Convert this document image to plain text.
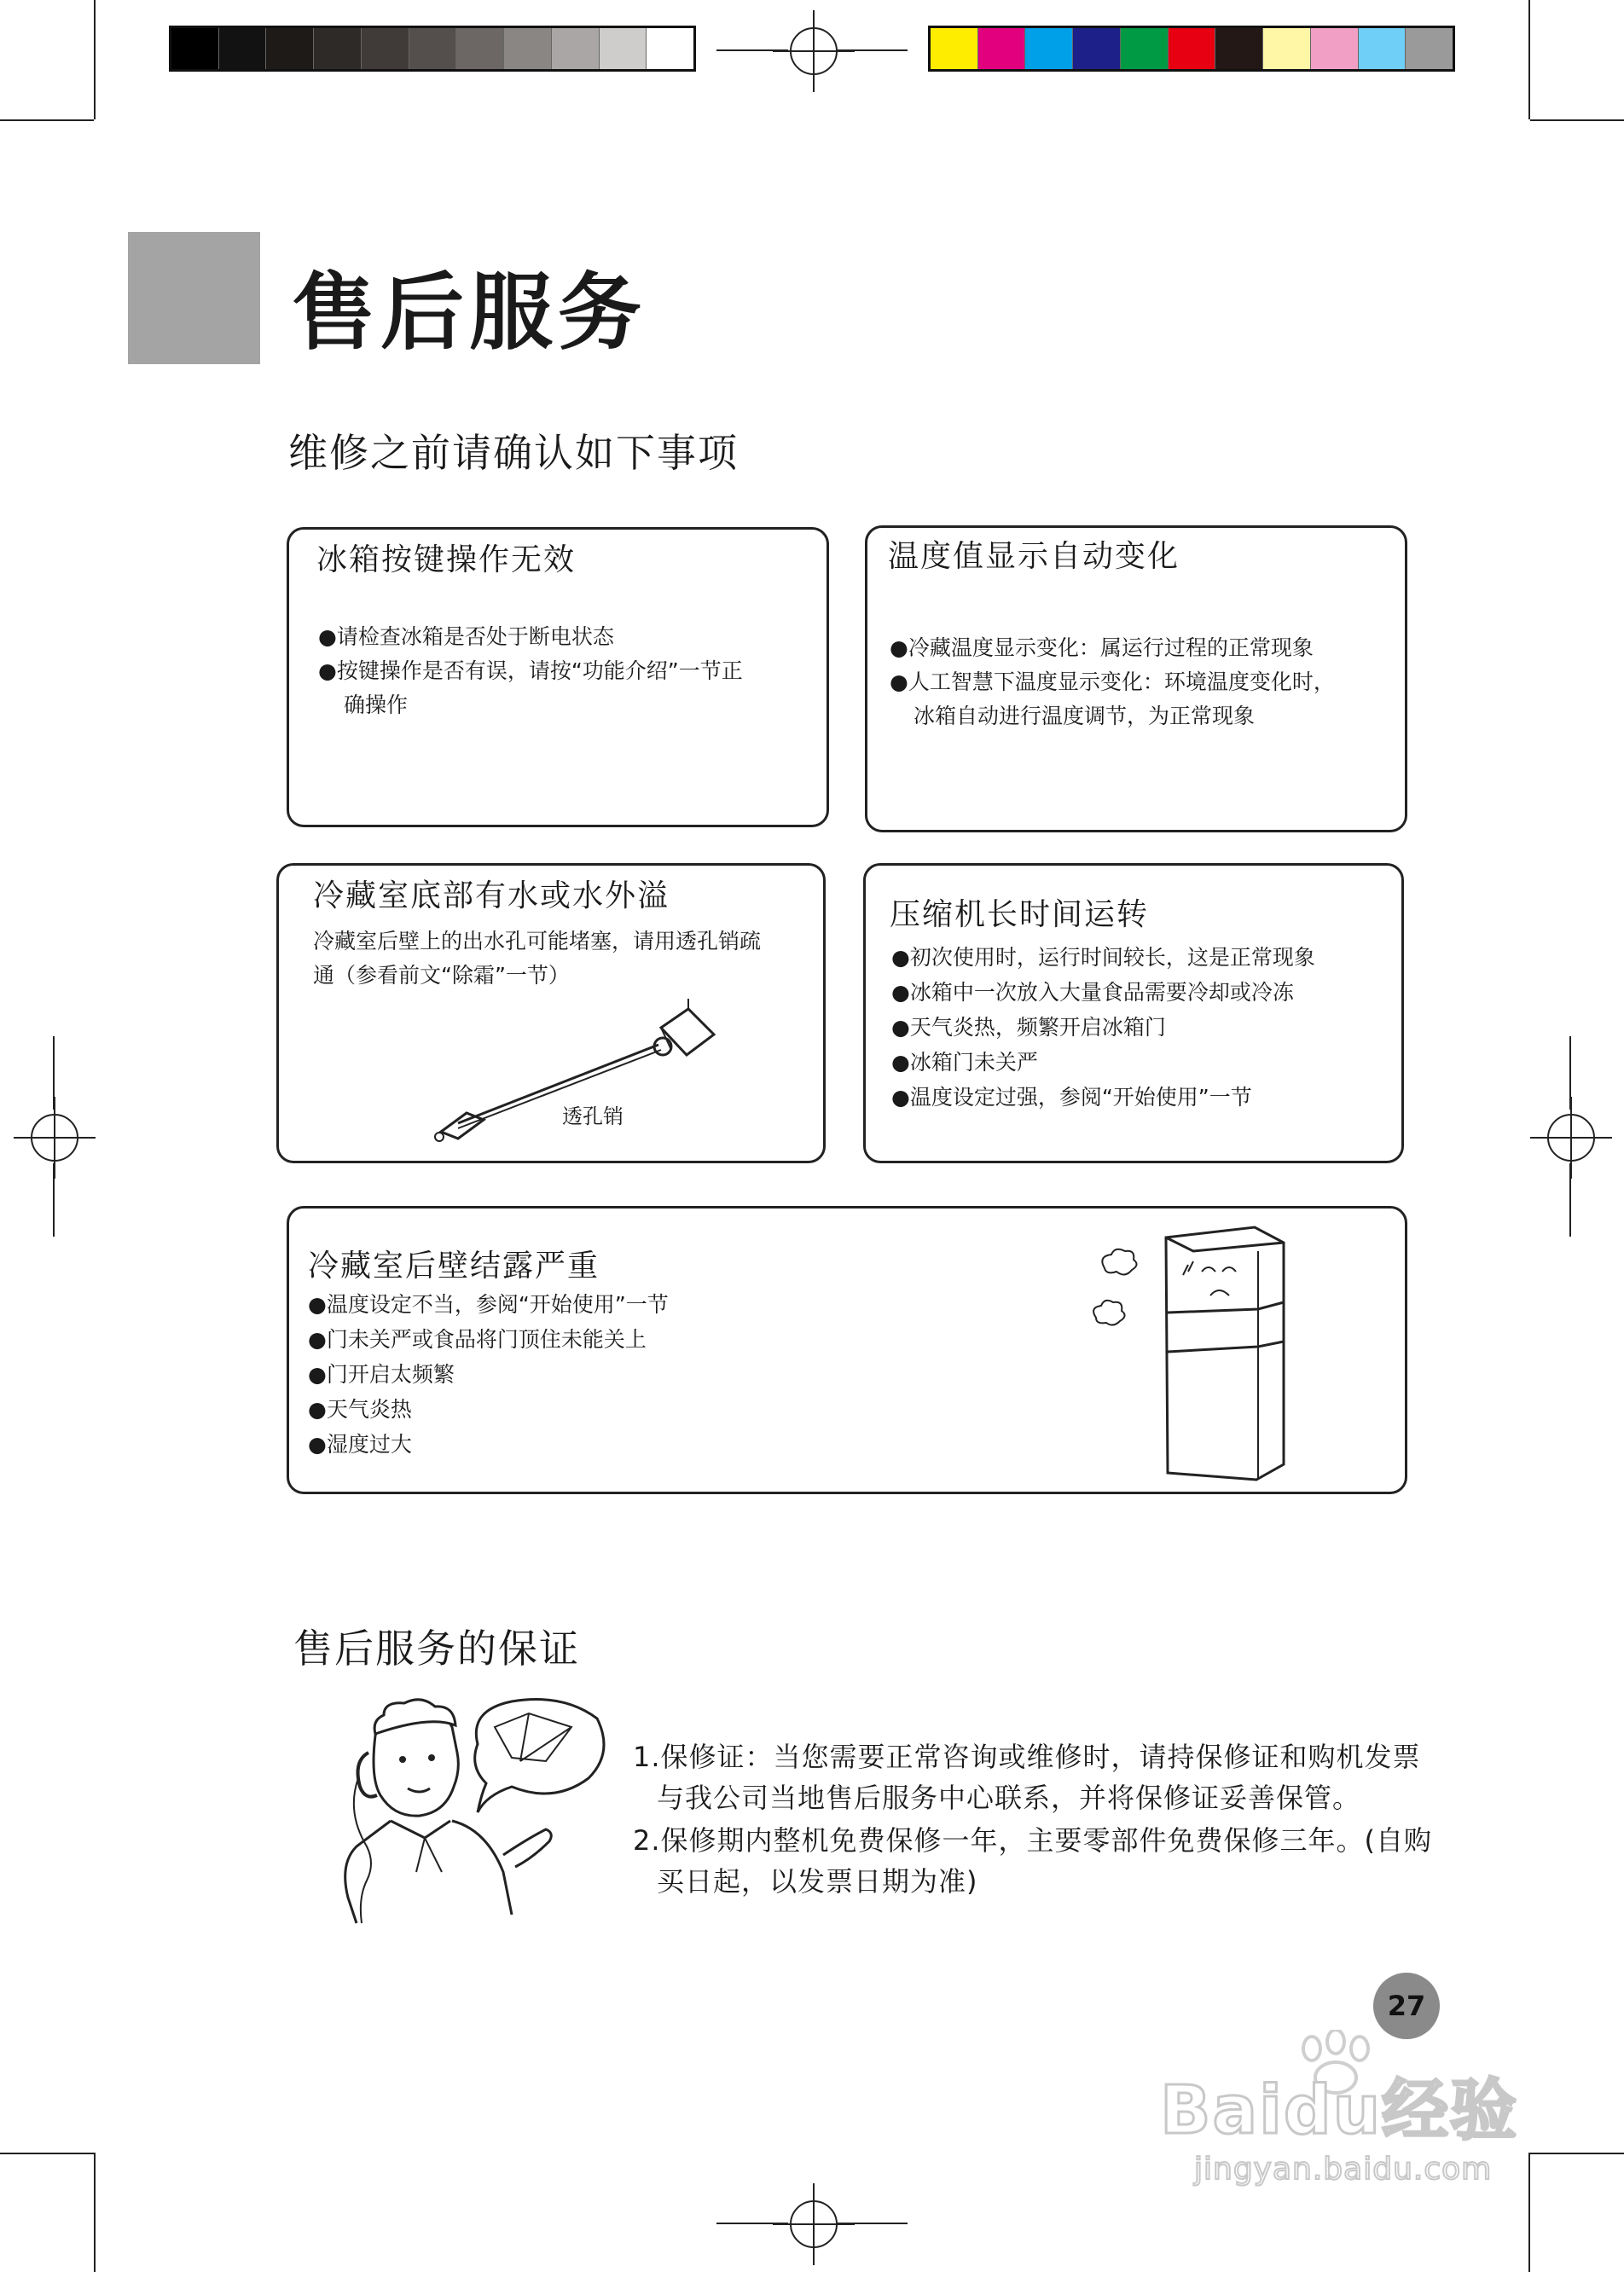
售后服务
维修之前请确认如下事项
冰箱按键操作无效
●请检查冰箱是否处于断电状态
●按键操作是否有误，请按“功能介绍”一节正
确操作
温度值显示自动变化
●冷藏温度显示变化：属运行过程的正常现象
●人工智慧下温度显示变化：环境温度变化时，
冰箱自动进行温度调节，为正常现象
冷藏室底部有水或水外溢
冷藏室后壁上的出水孔可能堵塞，请用透孔销疏
通（参看前文“除霜”一节）
透孔销
压缩机长时间运转
●初次使用时，运行时间较长，这是正常现象
●冰箱中一次放入大量食品需要冷却或冷冻
●天气炎热，频繁开启冰箱门
●冰箱门未关严
●温度设定过强，参阅“开始使用”一节
冷藏室后壁结露严重
●温度设定不当，参阅“开始使用”一节
●门未关严或食品将门顶住未能关上
●门开启太频繁
●天气炎热
●湿度过大
售后服务的保证
1.保修证：当您需要正常咨询或维修时，请持保修证和购机发票
与我公司当地售后服务中心联系，并将保修证妥善保管。
2.保修期内整机免费保修一年，主要零部件免费保修三年。(自购
买日起，以发票日期为准)
27
Baidu经验
jingyan.baidu.com
